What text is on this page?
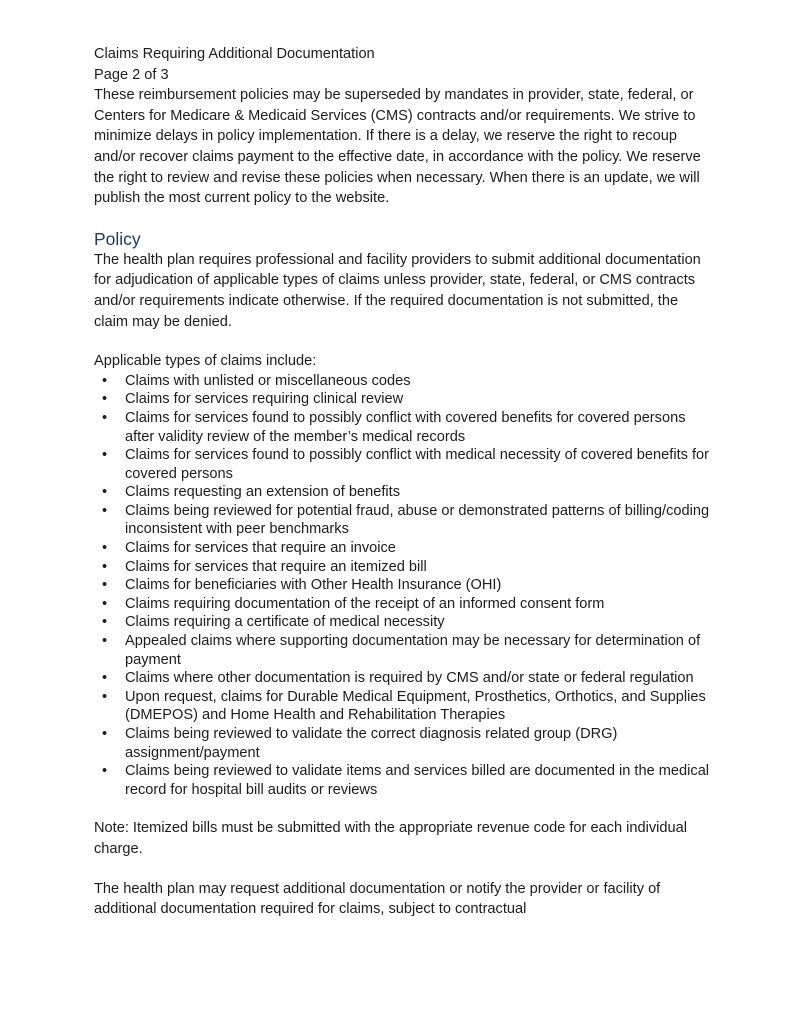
Claims Requiring Additional Documentation

Page 2 of 3

These reimbursement policies may be superseded by mandates in provider, state, federal, or Centers for Medicare & Medicaid Services (CMS) contracts and/or requirements. We strive to minimize delays in policy implementation. If there is a delay, we reserve the right to recoup and/or recover claims payment to the effective date, in accordance with the policy. We reserve the right to review and revise these policies when necessary. When there is an update, we will publish the most current policy to the website.

Policy

The health plan requires professional and facility providers to submit additional documentation for adjudication of applicable types of claims unless provider, state, federal, or CMS contracts and/or requirements indicate otherwise. If the required documentation is not submitted, the claim may be denied.

Applicable types of claims include:

• Claims with unlisted or miscellaneous codes
• Claims for services requiring clinical review
• Claims for services found to possibly conflict with covered benefits for covered persons after validity review of the member’s medical records
• Claims for services found to possibly conflict with medical necessity of covered benefits for covered persons
• Claims requesting an extension of benefits
• Claims being reviewed for potential fraud, abuse or demonstrated patterns of billing/coding inconsistent with peer benchmarks
• Claims for services that require an invoice
• Claims for services that require an itemized bill
• Claims for beneficiaries with Other Health Insurance (OHI)
• Claims requiring documentation of the receipt of an informed consent form
• Claims requiring a certificate of medical necessity
• Appealed claims where supporting documentation may be necessary for determination of payment
• Claims where other documentation is required by CMS and/or state or federal regulation
• Upon request, claims for Durable Medical Equipment, Prosthetics, Orthotics, and Supplies (DMEPOS) and Home Health and Rehabilitation Therapies
• Claims being reviewed to validate the correct diagnosis related group (DRG) assignment/payment
• Claims being reviewed to validate items and services billed are documented in the medical record for hospital bill audits or reviews

Note: Itemized bills must be submitted with the appropriate revenue code for each individual charge.

The health plan may request additional documentation or notify the provider or facility of additional documentation required for claims, subject to contractual
